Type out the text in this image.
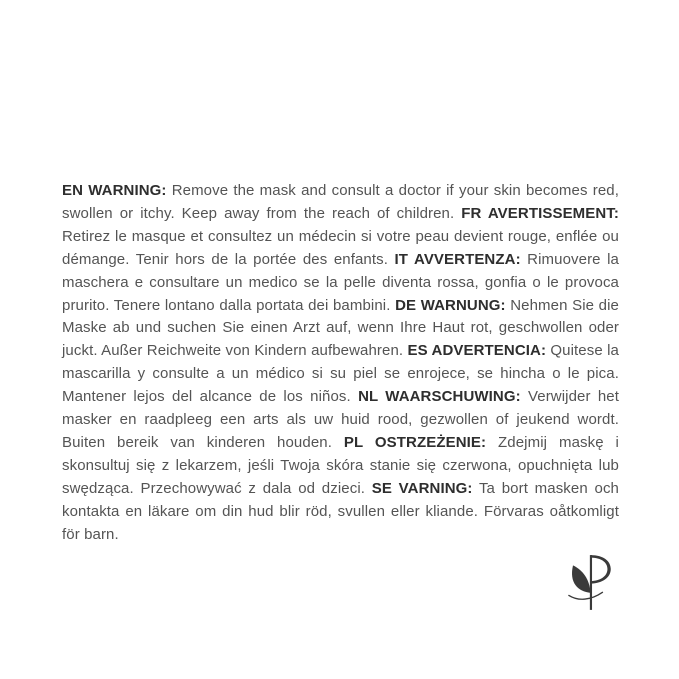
EN WARNING: Remove the mask and consult a doctor if your skin becomes red, swollen or itchy. Keep away from the reach of children. FR AVERTISSEMENT: Retirez le masque et consultez un médecin si votre peau devient rouge, enflée ou démange. Tenir hors de la portée des enfants. IT AVVERTENZA: Rimuovere la maschera e consultare un medico se la pelle diventa rossa, gonfia o le provoca prurito. Tenere lontano dalla portata dei bambini. DE WARNUNG: Nehmen Sie die Maske ab und suchen Sie einen Arzt auf, wenn Ihre Haut rot, geschwollen oder juckt. Außer Reichweite von Kindern aufbewahren. ES ADVERTENCIA: Quitese la mascarilla y consulte a un médico si su piel se enrojece, se hincha o le pica. Mantener lejos del alcance de los niños. NL WAARSCHUWING: Verwijder het masker en raadpleeg een arts als uw huid rood, gezwollen of jeukend wordt. Buiten bereik van kinderen houden. PL OSTRZEŻENIE: Zdejmij maskę i skonsultuj się z lekarzem, jeśli Twoja skóra stanie się czerwona, opuchnięta lub swędząca. Przechowywać z dala od dzieci. SE VARNING: Ta bort masken och kontakta en läkare om din hud blir röd, svullen eller kliande. Förvaras oåtkomligt för barn.
